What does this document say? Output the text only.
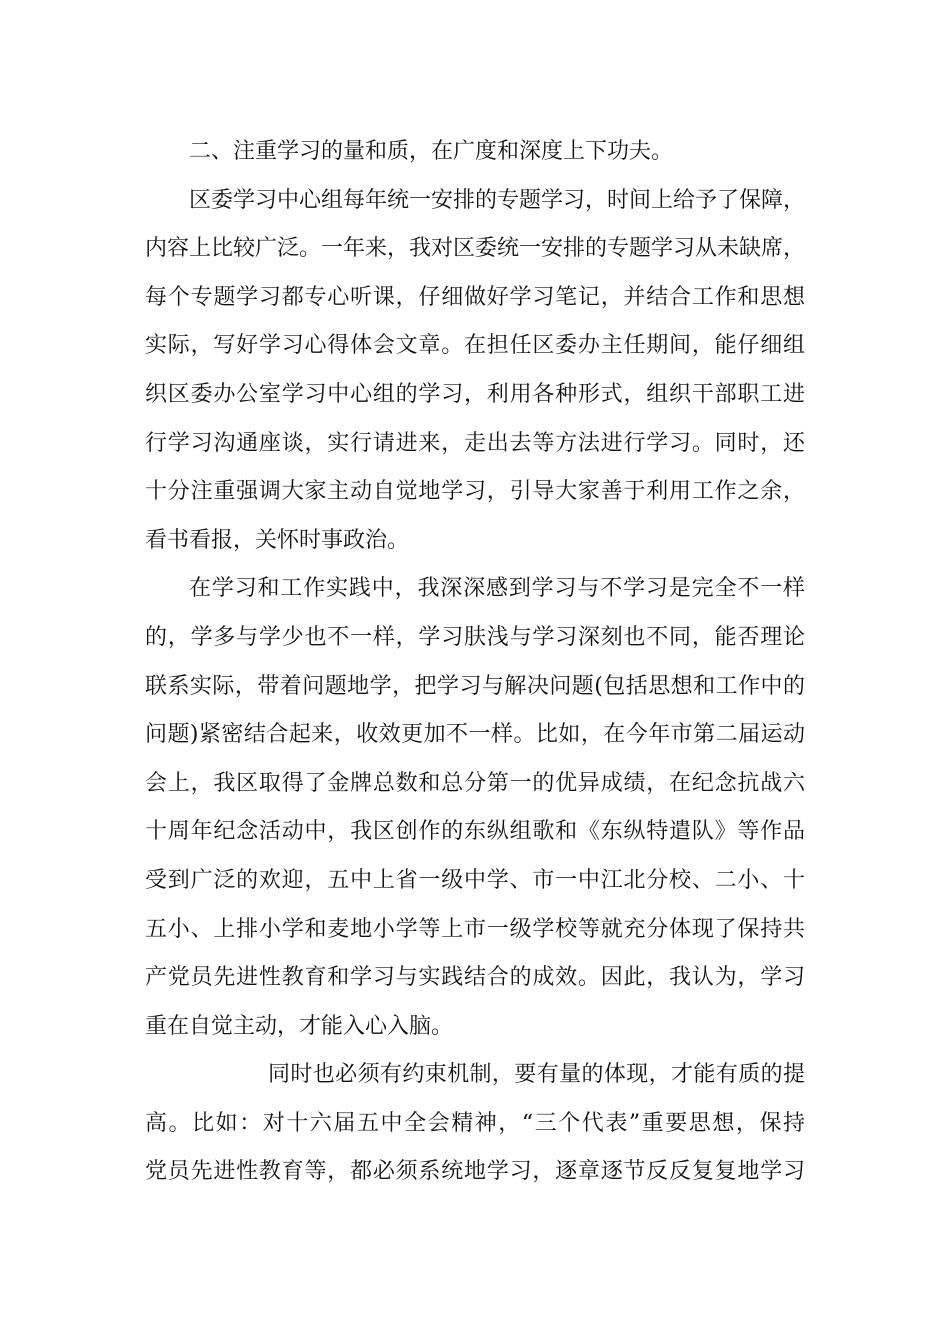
二、注重学习的量和质，在广度和深度上下功夫。
区委学习中心组每年统一安排的专题学习，时间上给予了保障，
内容上比较广泛。一年来，我对区委统一安排的专题学习从未缺席，
每个专题学习都专心听课，仔细做好学习笔记，并结合工作和思想
实际，写好学习心得体会文章。在担任区委办主任期间，能仔细组
织区委办公室学习中心组的学习，利用各种形式，组织干部职工进
行学习沟通座谈，实行请进来，走出去等方法进行学习。同时，还
十分注重强调大家主动自觉地学习，引导大家善于利用工作之余，
看书看报，关怀时事政治。
在学习和工作实践中，我深深感到学习与不学习是完全不一样
的，学多与学少也不一样，学习肤浅与学习深刻也不同，能否理论
联系实际，带着问题地学，把学习与解决问题(包括思想和工作中的
问题)紧密结合起来，收效更加不一样。比如，在今年市第二届运动
会上，我区取得了金牌总数和总分第一的优异成绩，在纪念抗战六
十周年纪念活动中，我区创作的东纵组歌和《东纵特遣队》等作品
受到广泛的欢迎，五中上省一级中学、市一中江北分校、二小、十
五小、上排小学和麦地小学等上市一级学校等就充分体现了保持共
产党员先进性教育和学习与实践结合的成效。因此，我认为，学习
重在自觉主动，才能入心入脑。
同时也必须有约束机制，要有量的体现，才能有质的提
高。比如：对十六届五中全会精神，“三个代表”重要思想，保持
党员先进性教育等，都必须系统地学习，逐章逐节反反复复地学习
